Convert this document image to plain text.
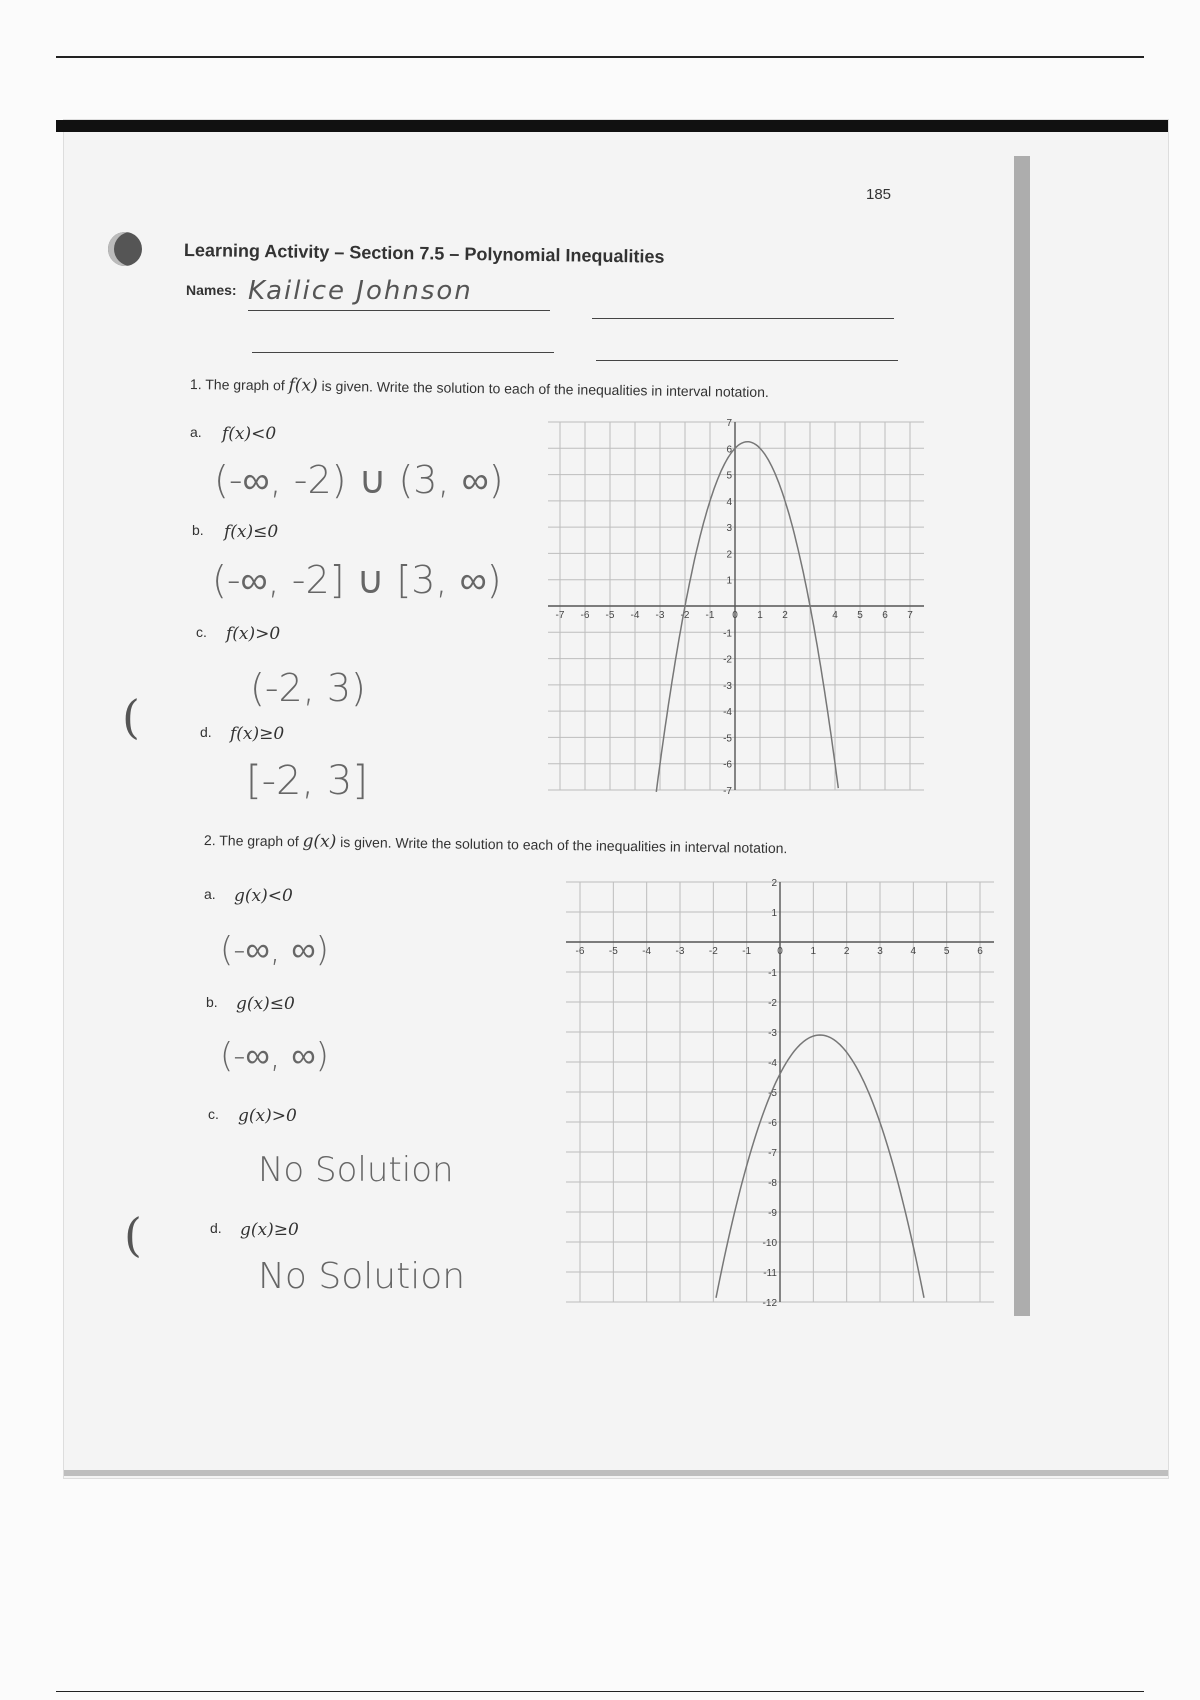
(
(
185
Learning Activity – Section 7.5 – Polynomial Inequalities
Names: Kailice Johnson
1. The graph of f(x) is given. Write the solution to each of the inequalities in interval notation.
a. f(x)<0
(-∞, -2) ∪ (3, ∞)
b. f(x)≤0
(-∞, -2] ∪ [3, ∞)
c. f(x)>0
(-2, 3)
d. f(x)≥0
[-2, 3]
-7 -6 -5 -4 -3 -2 -1 0 1 2	4 5 6 7
7
6
5
4
3
2
1
-1
-2
-3
-4
-5
-6
-7
2. The graph of g(x) is given. Write the solution to each of the inequalities in interval notation.
a. g(x)<0
(-∞, ∞)
b. g(x)≤0
(-∞, ∞)
c. g(x)>0
No Solution
d. g(x)≥0
No Solution
-6 -5 -4 -3 -2 -1	0	1	2	3	4	5	6
2
1
-1
-2
-3
-4
-5
-6
-7
-8
-9
-10
-11
-12
